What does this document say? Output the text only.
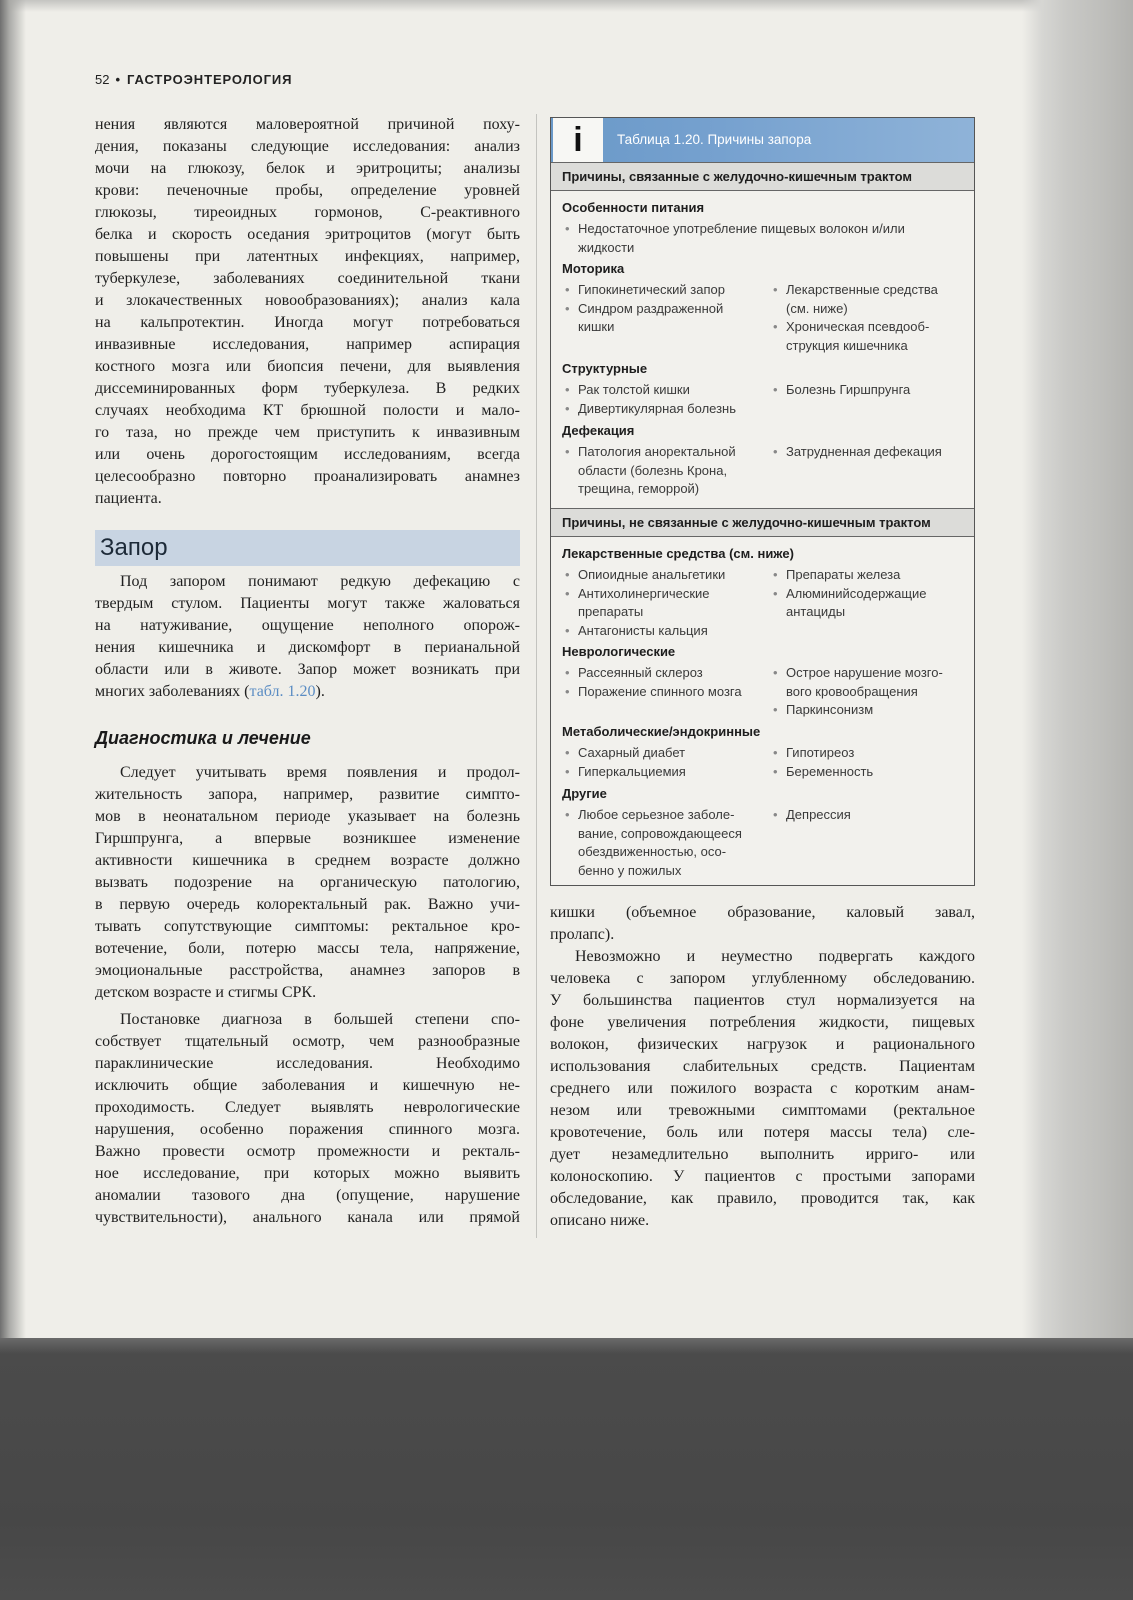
52 • ГАСТРОЭНТЕРОЛОГИЯ
нения являются маловероятной причиной поху-
дения, показаны следующие исследования: анализ
мочи на глюкозу, белок и эритроциты; анализы
крови: печеночные пробы, определение уровней
глюкозы, тиреоидных гормонов, С-реактивного
белка и скорость оседания эритроцитов (могут быть
повышены при латентных инфекциях, например,
туберкулезе, заболеваниях соединительной ткани
и злокачественных новообразованиях); анализ кала
на кальпротектин. Иногда могут потребоваться
инвазивные исследования, например аспирация
костного мозга или биопсия печени, для выявления
диссеминированных форм туберкулеза. В редких
случаях необходима КТ брюшной полости и мало-
го таза, но прежде чем приступить к инвазивным
или очень дорогостоящим исследованиям, всегда
целесообразно повторно проанализировать анамнез
пациента.
Запор
Под запором понимают редкую дефекацию с
твердым стулом. Пациенты могут также жаловаться
на натуживание, ощущение неполного опорож-
нения кишечника и дискомфорт в перианальной
области или в животе. Запор может возникать при
многих заболеваниях (табл. 1.20).
Диагностика и лечение
Следует учитывать время появления и продол-
жительность запора, например, развитие симпто-
мов в неонатальном периоде указывает на болезнь
Гиршпрунга, а впервые возникшее изменение
активности кишечника в среднем возрасте должно
вызвать подозрение на органическую патологию,
в первую очередь колоректальный рак. Важно учи-
тывать сопутствующие симптомы: ректальное кро-
вотечение, боли, потерю массы тела, напряжение,
эмоциональные расстройства, анамнез запоров в
детском возрасте и стигмы СРК.
Постановке диагноза в большей степени спо-
собствует тщательный осмотр, чем разнообразные
параклинические исследования. Необходимо
исключить общие заболевания и кишечную не-
проходимость. Следует выявлять неврологические
нарушения, особенно поражения спинного мозга.
Важно провести осмотр промежности и ректаль-
ное исследование, при которых можно выявить
аномалии тазового дна (опущение, нарушение
чувствительности), анального канала или прямой
i	Таблица 1.20. Причины запора
Причины, связанные с желудочно-кишечным трактом
Особенности питания
• Недостаточное употребление пищевых волокон и/или
жидкости
Моторика
• Гипокинетический запор
• Синдром раздраженной
кишки
• Лекарственные средства
(см. ниже)
• Хроническая псевдооб-
струкция кишечника
Структурные
• Рак толстой кишки
• Дивертикулярная болезнь
• Болезнь Гиршпрунга
Дефекация
• Патология аноректальной
области (болезнь Крона,
трещина, геморрой)
• Затрудненная дефекация
Причины, не связанные с желудочно-кишечным трактом
Лекарственные средства (см. ниже)
• Опиоидные анальгетики
• Антихолинергические
препараты
• Антагонисты кальция
• Препараты железа
• Алюминийсодержащие
антациды
Неврологические
• Рассеянный склероз
• Поражение спинного мозга
• Острое нарушение мозго-
вого кровообращения
• Паркинсонизм
Метаболические/эндокринные
• Сахарный диабет
• Гиперкальциемия
• Гипотиреоз
• Беременность
Другие
• Любое серьезное заболе-
вание, сопровождающееся
обездвиженностью, осо-
бенно у пожилых
• Депрессия
кишки (объемное образование, каловый завал,
пролапс).
Невозможно и неуместно подвергать каждого
человека с запором углубленному обследованию.
У большинства пациентов стул нормализуется на
фоне увеличения потребления жидкости, пищевых
волокон, физических нагрузок и рационального
использования слабительных средств. Пациентам
среднего или пожилого возраста с коротким анам-
незом или тревожными симптомами (ректальное
кровотечение, боль или потеря массы тела) сле-
дует незамедлительно выполнить ирриго- или
колоноскопию. У пациентов с простыми запорами
обследование, как правило, проводится так, как
описано ниже.
